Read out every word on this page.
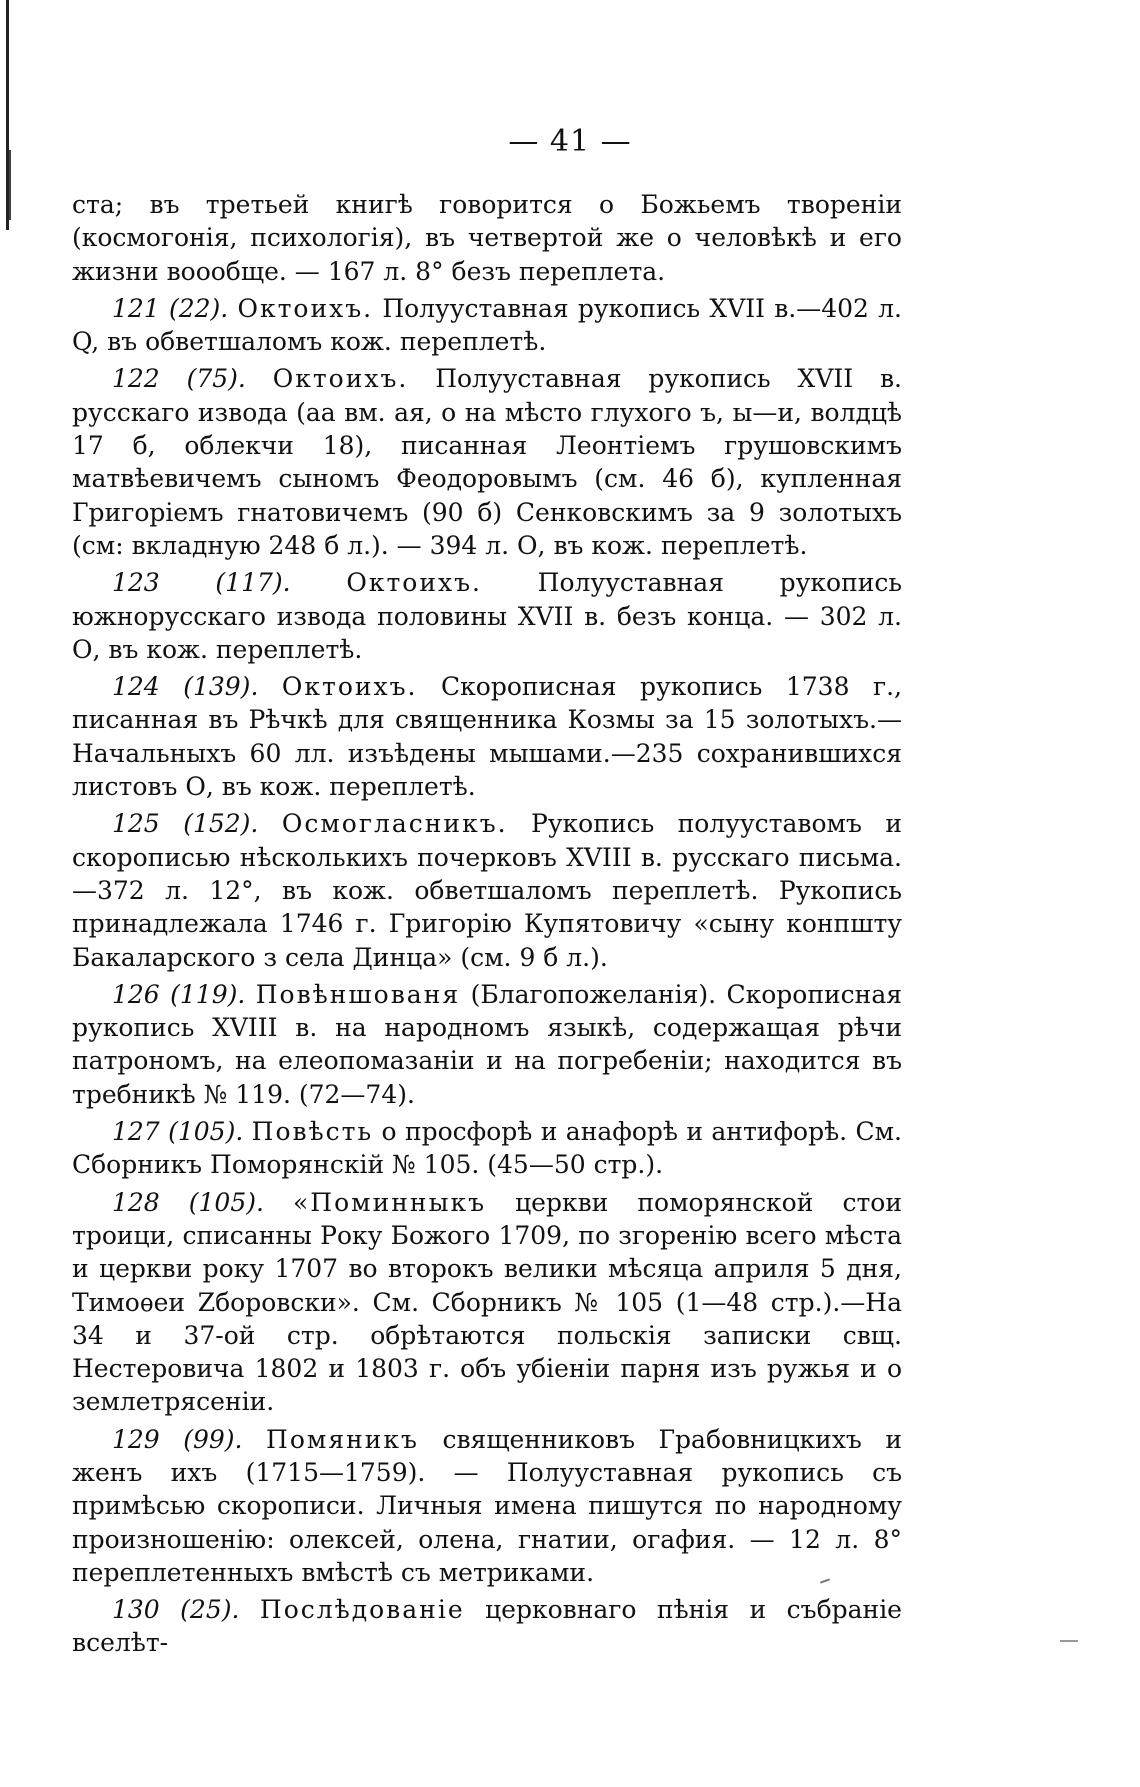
— 41 —

ста; въ третьей книгѣ говорится о Божьемъ твореніи (космогонія, психологія), въ четвертой же о человѣкѣ и его жизни воообще. — 167 л. 8° безъ переплета.

121 (22). Октоихъ. Полууставная рукопись XVII в.—402 л. Q, въ обветшаломъ кож. переплетѣ.

122 (75). Октоихъ. Полууставная рукопись XVII в. русскаго извода (аа вм. ая, о на мѣсто глухого ъ, ы—и, волдцѣ 17 б, облекчи 18), писанная Леонтіемъ грушовскимъ матвѣевичемъ сыномъ Феодоровымъ (см. 46 б), купленная Григоріемъ гнатовичемъ (90 б) Сенковскимъ за 9 золотыхъ (см: вкладную 248 б л.). — 394 л. О, въ кож. переплетѣ.

123 (117). Октоихъ. Полууставная рукопись южнорусскаго извода половины XVII в. безъ конца. — 302 л. О, въ кож. переплетѣ.

124 (139). Октоихъ. Скорописная рукопись 1738 г., писанная въ Рѣчкѣ для священника Козмы за 15 золотыхъ.— Начальныхъ 60 лл. изъѣдены мышами.—235 сохранившихся листовъ О, въ кож. переплетѣ.

125 (152). Осмогласникъ. Рукопись полууставомъ и скорописью нѣсколькихъ почерковъ XVIII в. русскаго письма.—372 л. 12°, въ кож. обветшаломъ переплетѣ. Рукопись принадлежала 1746 г. Григорію Купятовичу «сыну конпшту Бакаларского з села Динца» (см. 9 б л.).

126 (119). Повѣншованя (Благопожеланія). Скорописная рукопись XVIII в. на народномъ языкѣ, содержащая рѣчи патрономъ, на елеопомазаніи и на погребеніи; находится въ требникѣ № 119. (72—74).

127 (105). Повѣсть о просфорѣ и анафорѣ и антифорѣ. См. Сборникъ Поморянскій № 105. (45—50 стр.).

128 (105). «Поминныкъ церкви поморянской стои троици, списанны Року Божого 1709, по згоренію всего мѣста и церкви року 1707 во второкъ велики мѣсяца априля 5 дня, Тимоѳеи Zборовски». См. Сборникъ № 105 (1—48 стр.).—На 34 и 37-ой стр. обрѣтаются польскія записки свщ. Нестеровича 1802 и 1803 г. объ убіеніи парня изъ ружья и о землетрясеніи.

129 (99). Помяникъ священниковъ Грабовницкихъ и женъ ихъ (1715—1759). — Полууставная рукопись съ примѣсью скорописи. Личныя имена пишутся по народному произношенію: олексей, олена, гнатии, огафия. — 12 л. 8° переплетенныхъ вмѣстѣ съ метриками.

130 (25). Послѣдованіе церковнаго пѣнія и събраніе вселѣт-
